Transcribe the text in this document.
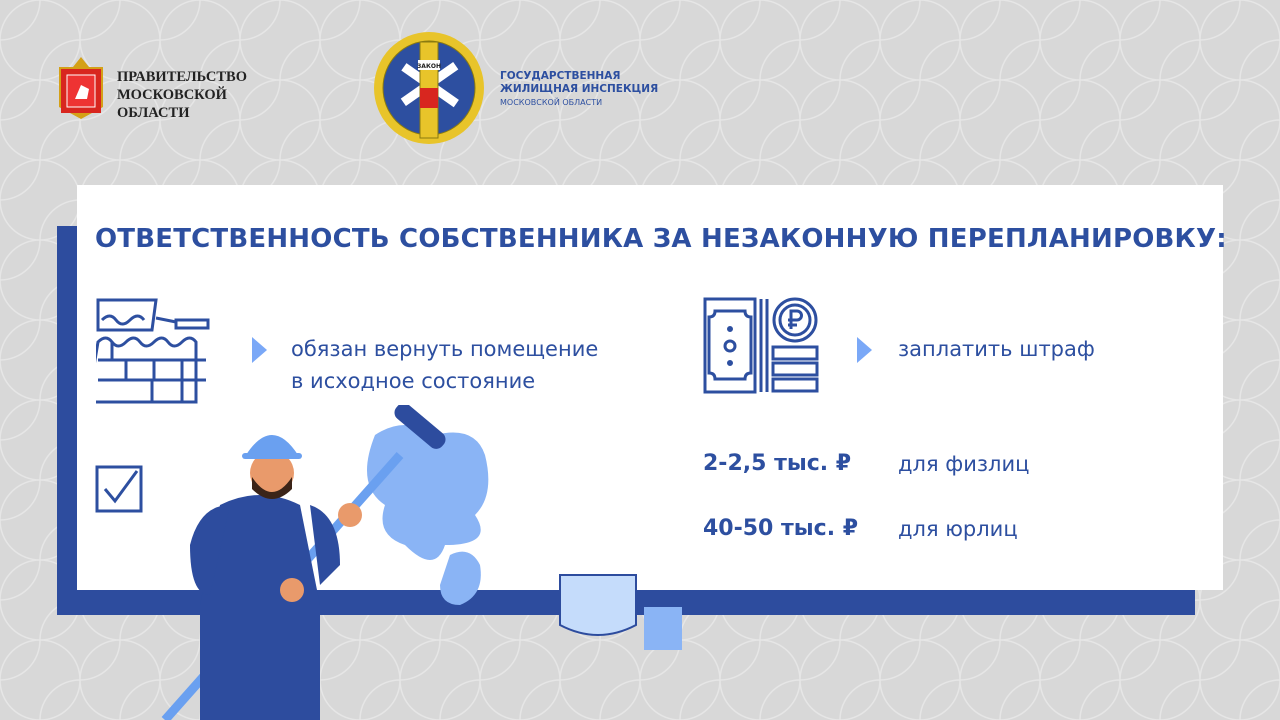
ПРАВИТЕЛЬСТВО
МОСКОВСКОЙ
ОБЛАСТИ
ЗАКОН
ГОСУДАРСТВЕННАЯ
ЖИЛИЩНАЯ ИНСПЕКЦИЯ
МОСКОВСКОЙ ОБЛАСТИ
ОТВЕТСТВЕННОСТЬ СОБСТВЕННИКА ЗА НЕЗАКОННУЮ ПЕРЕПЛАНИРОВКУ:
обязан вернуть помещение
в исходное состояние
заплатить штраф
2-2,5 тыс. ₽ для физлиц
40-50 тыс. ₽ для юрлиц
